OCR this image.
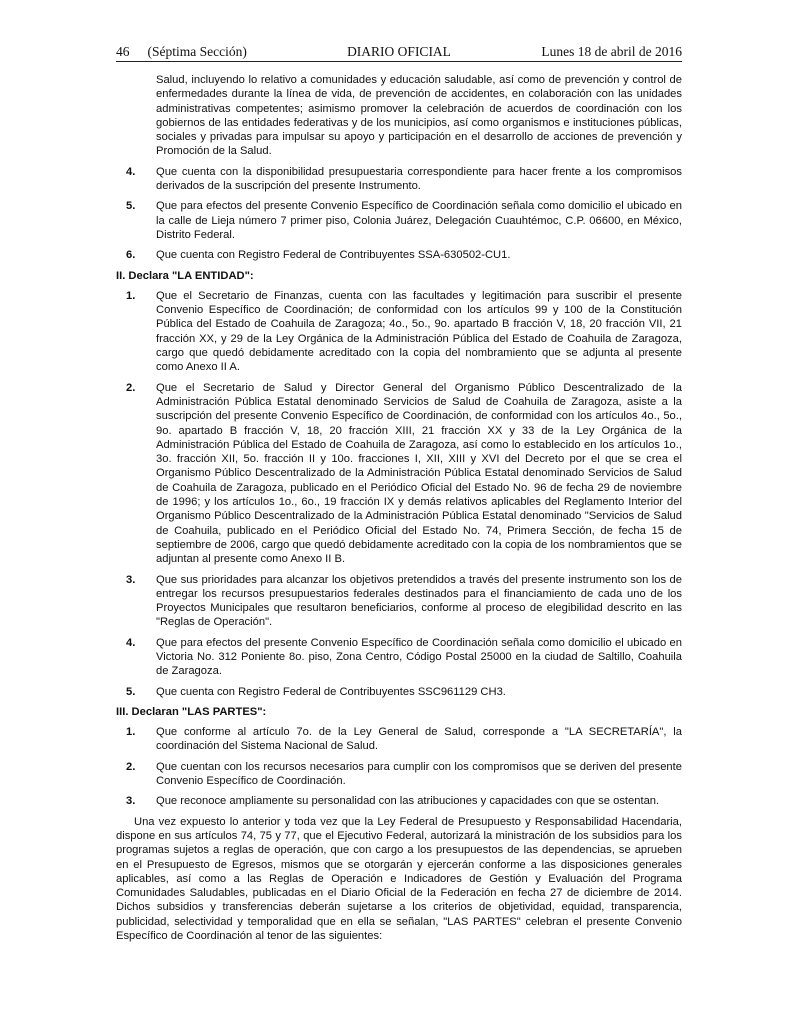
46 (Séptima Sección)	DIARIO OFICIAL	Lunes 18 de abril de 2016

Salud, incluyendo lo relativo a comunidades y educación saludable, así como de prevención y control de enfermedades durante la línea de vida, de prevención de accidentes, en colaboración con las unidades administrativas competentes; asimismo promover la celebración de acuerdos de coordinación con los gobiernos de las entidades federativas y de los municipios, así como organismos e instituciones públicas, sociales y privadas para impulsar su apoyo y participación en el desarrollo de acciones de prevención y Promoción de la Salud.

4. Que cuenta con la disponibilidad presupuestaria correspondiente para hacer frente a los compromisos derivados de la suscripción del presente Instrumento.

5. Que para efectos del presente Convenio Específico de Coordinación señala como domicilio el ubicado en la calle de Lieja número 7 primer piso, Colonia Juárez, Delegación Cuauhtémoc, C.P. 06600, en México, Distrito Federal.

6. Que cuenta con Registro Federal de Contribuyentes SSA-630502-CU1.

II. Declara "LA ENTIDAD":

1. Que el Secretario de Finanzas, cuenta con las facultades y legitimación para suscribir el presente Convenio Específico de Coordinación; de conformidad con los artículos 99 y 100 de la Constitución Pública del Estado de Coahuila de Zaragoza; 4o., 5o., 9o. apartado B fracción V, 18, 20 fracción VII, 21 fracción XX, y 29 de la Ley Orgánica de la Administración Pública del Estado de Coahuila de Zaragoza, cargo que quedó debidamente acreditado con la copia del nombramiento que se adjunta al presente como Anexo II A.

2. Que el Secretario de Salud y Director General del Organismo Público Descentralizado de la Administración Pública Estatal denominado Servicios de Salud de Coahuila de Zaragoza, asiste a la suscripción del presente Convenio Específico de Coordinación, de conformidad con los artículos 4o., 5o., 9o. apartado B fracción V, 18, 20 fracción XIII, 21 fracción XX y 33 de la Ley Orgánica de la Administración Pública del Estado de Coahuila de Zaragoza, así como lo establecido en los artículos 1o., 3o. fracción XII, 5o. fracción II y 10o. fracciones I, XII, XIII y XVI del Decreto por el que se crea el Organismo Público Descentralizado de la Administración Pública Estatal denominado Servicios de Salud de Coahuila de Zaragoza, publicado en el Periódico Oficial del Estado No. 96 de fecha 29 de noviembre de 1996; y los artículos 1o., 6o., 19 fracción IX y demás relativos aplicables del Reglamento Interior del Organismo Público Descentralizado de la Administración Pública Estatal denominado "Servicios de Salud de Coahuila, publicado en el Periódico Oficial del Estado No. 74, Primera Sección, de fecha 15 de septiembre de 2006, cargo que quedó debidamente acreditado con la copia de los nombramientos que se adjuntan al presente como Anexo II B.

3. Que sus prioridades para alcanzar los objetivos pretendidos a través del presente instrumento son los de entregar los recursos presupuestarios federales destinados para el financiamiento de cada uno de los Proyectos Municipales que resultaron beneficiarios, conforme al proceso de elegibilidad descrito en las "Reglas de Operación".

4. Que para efectos del presente Convenio Específico de Coordinación señala como domicilio el ubicado en Victoria No. 312 Poniente 8o. piso, Zona Centro, Código Postal 25000 en la ciudad de Saltillo, Coahuila de Zaragoza.

5. Que cuenta con Registro Federal de Contribuyentes SSC961129 CH3.

III. Declaran "LAS PARTES":

1. Que conforme al artículo 7o. de la Ley General de Salud, corresponde a "LA SECRETARÍA", la coordinación del Sistema Nacional de Salud.

2. Que cuentan con los recursos necesarios para cumplir con los compromisos que se deriven del presente Convenio Específico de Coordinación.

3. Que reconoce ampliamente su personalidad con las atribuciones y capacidades con que se ostentan.

Una vez expuesto lo anterior y toda vez que la Ley Federal de Presupuesto y Responsabilidad Hacendaria, dispone en sus artículos 74, 75 y 77, que el Ejecutivo Federal, autorizará la ministración de los subsidios para los programas sujetos a reglas de operación, que con cargo a los presupuestos de las dependencias, se aprueben en el Presupuesto de Egresos, mismos que se otorgarán y ejercerán conforme a las disposiciones generales aplicables, así como a las Reglas de Operación e Indicadores de Gestión y Evaluación del Programa Comunidades Saludables, publicadas en el Diario Oficial de la Federación en fecha 27 de diciembre de 2014. Dichos subsidios y transferencias deberán sujetarse a los criterios de objetividad, equidad, transparencia, publicidad, selectividad y temporalidad que en ella se señalan, "LAS PARTES" celebran el presente Convenio Específico de Coordinación al tenor de las siguientes:
